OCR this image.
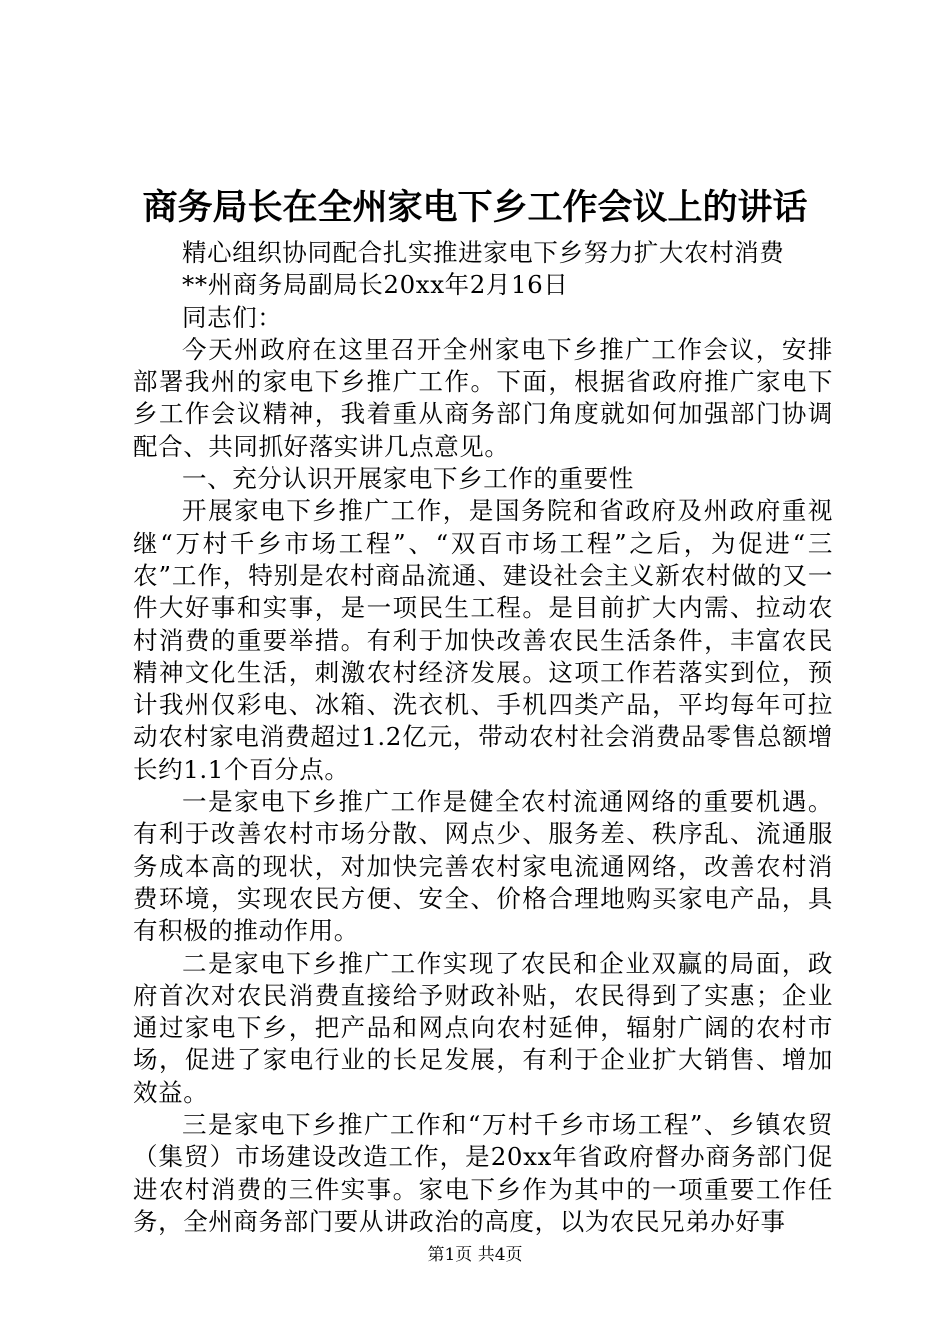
商务局长在全州家电下乡工作会议上的讲话

精心组织协同配合扎实推进家电下乡努力扩大农村消费

**州商务局副局长20xx年2月16日

同志们：

今天州政府在这里召开全州家电下乡推广工作会议，安排部署我州的家电下乡推广工作。下面，根据省政府推广家电下乡工作会议精神，我着重从商务部门角度就如何加强部门协调配合、共同抓好落实讲几点意见。

一、充分认识开展家电下乡工作的重要性

开展家电下乡推广工作，是国务院和省政府及州政府重视继“万村千乡市场工程”、“双百市场工程”之后，为促进“三农”工作，特别是农村商品流通、建设社会主义新农村做的又一件大好事和实事，是一项民生工程。是目前扩大内需、拉动农村消费的重要举措。有利于加快改善农民生活条件，丰富农民精神文化生活，刺激农村经济发展。这项工作若落实到位，预计我州仅彩电、冰箱、洗衣机、手机四类产品，平均每年可拉动农村家电消费超过1.2亿元，带动农村社会消费品零售总额增长约1.1个百分点。

一是家电下乡推广工作是健全农村流通网络的重要机遇。有利于改善农村市场分散、网点少、服务差、秩序乱、流通服务成本高的现状，对加快完善农村家电流通网络，改善农村消费环境，实现农民方便、安全、价格合理地购买家电产品，具有积极的推动作用。

二是家电下乡推广工作实现了农民和企业双赢的局面，政府首次对农民消费直接给予财政补贴，农民得到了实惠；企业通过家电下乡，把产品和网点向农村延伸，辐射广阔的农村市场，促进了家电行业的长足发展，有利于企业扩大销售、增加效益。

三是家电下乡推广工作和“万村千乡市场工程”、乡镇农贸（集贸）市场建设改造工作，是20xx年省政府督办商务部门促进农村消费的三件实事。家电下乡作为其中的一项重要工作任务，全州商务部门要从讲政治的高度，以为农民兄弟办好事

第1页 共4页
